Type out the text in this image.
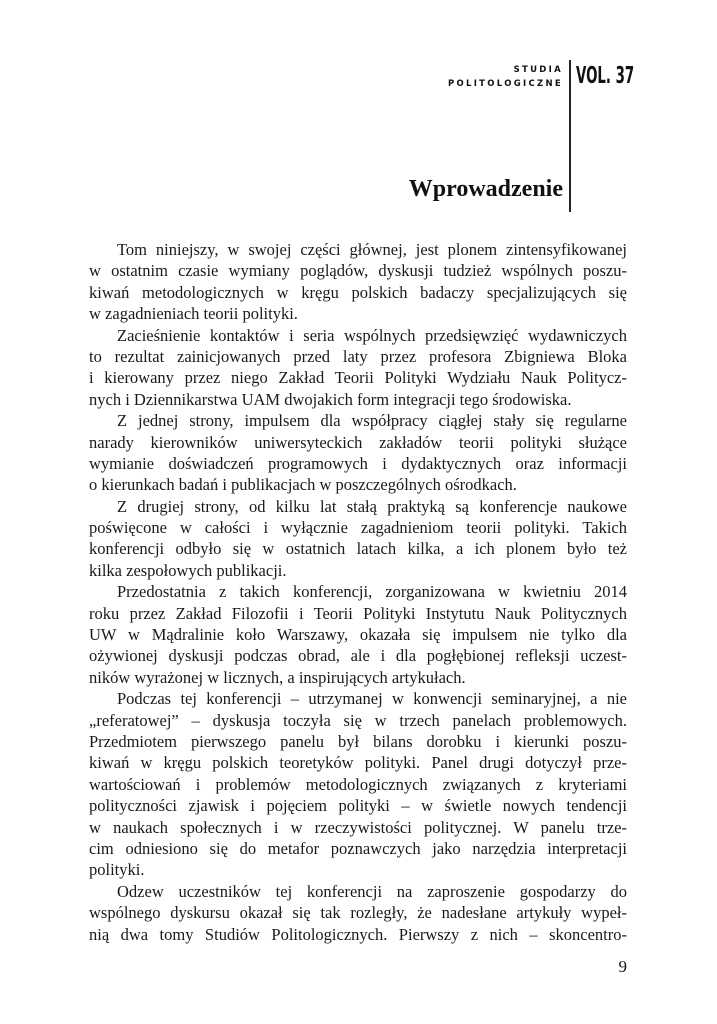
STUDIA
POLITOLOGICZNE VOL. 37
Wprowadzenie

Tom niniejszy, w swojej części głównej, jest plonem zintensyfikowanej
w ostatnim czasie wymiany poglądów, dyskusji tudzież wspólnych poszu-
kiwań metodologicznych w kręgu polskich badaczy specjalizujących się
w zagadnieniach teorii polityki.

Zacieśnienie kontaktów i seria wspólnych przedsięwzięć wydawniczych
to rezultat zainicjowanych przed laty przez profesora Zbigniewa Bloka
i kierowany przez niego Zakład Teorii Polityki Wydziału Nauk Politycz-
nych i Dziennikarstwa UAM dwojakich form integracji tego środowiska.

Z jednej strony, impulsem dla współpracy ciągłej stały się regularne
narady kierowników uniwersyteckich zakładów teorii polityki służące
wymianie doświadczeń programowych i dydaktycznych oraz informacji
o kierunkach badań i publikacjach w poszczególnych ośrodkach.

Z drugiej strony, od kilku lat stałą praktyką są konferencje naukowe
poświęcone w całości i wyłącznie zagadnieniom teorii polityki. Takich
konferencji odbyło się w ostatnich latach kilka, a ich plonem było też
kilka zespołowych publikacji.

Przedostatnia z takich konferencji, zorganizowana w kwietniu 2014
roku przez Zakład Filozofii i Teorii Polityki Instytutu Nauk Politycznych
UW w Mądralinie koło Warszawy, okazała się impulsem nie tylko dla
ożywionej dyskusji podczas obrad, ale i dla pogłębionej refleksji uczest-
ników wyrażonej w licznych, a inspirujących artykułach.

Podczas tej konferencji – utrzymanej w konwencji seminaryjnej, a nie
„referatowej” – dyskusja toczyła się w trzech panelach problemowych.
Przedmiotem pierwszego panelu był bilans dorobku i kierunki poszu-
kiwań w kręgu polskich teoretyków polityki. Panel drugi dotyczył prze-
wartościowań i problemów metodologicznych związanych z kryteriami
polityczności zjawisk i pojęciem polityki – w świetle nowych tendencji
w naukach społecznych i w rzeczywistości politycznej. W panelu trze-
cim odniesiono się do metafor poznawczych jako narzędzia interpretacji
polityki.

Odzew uczestników tej konferencji na zaproszenie gospodarzy do
wspólnego dyskursu okazał się tak rozległy, że nadesłane artykuły wypeł-
nią dwa tomy Studiów Politologicznych. Pierwszy z nich – skoncentro-

9
